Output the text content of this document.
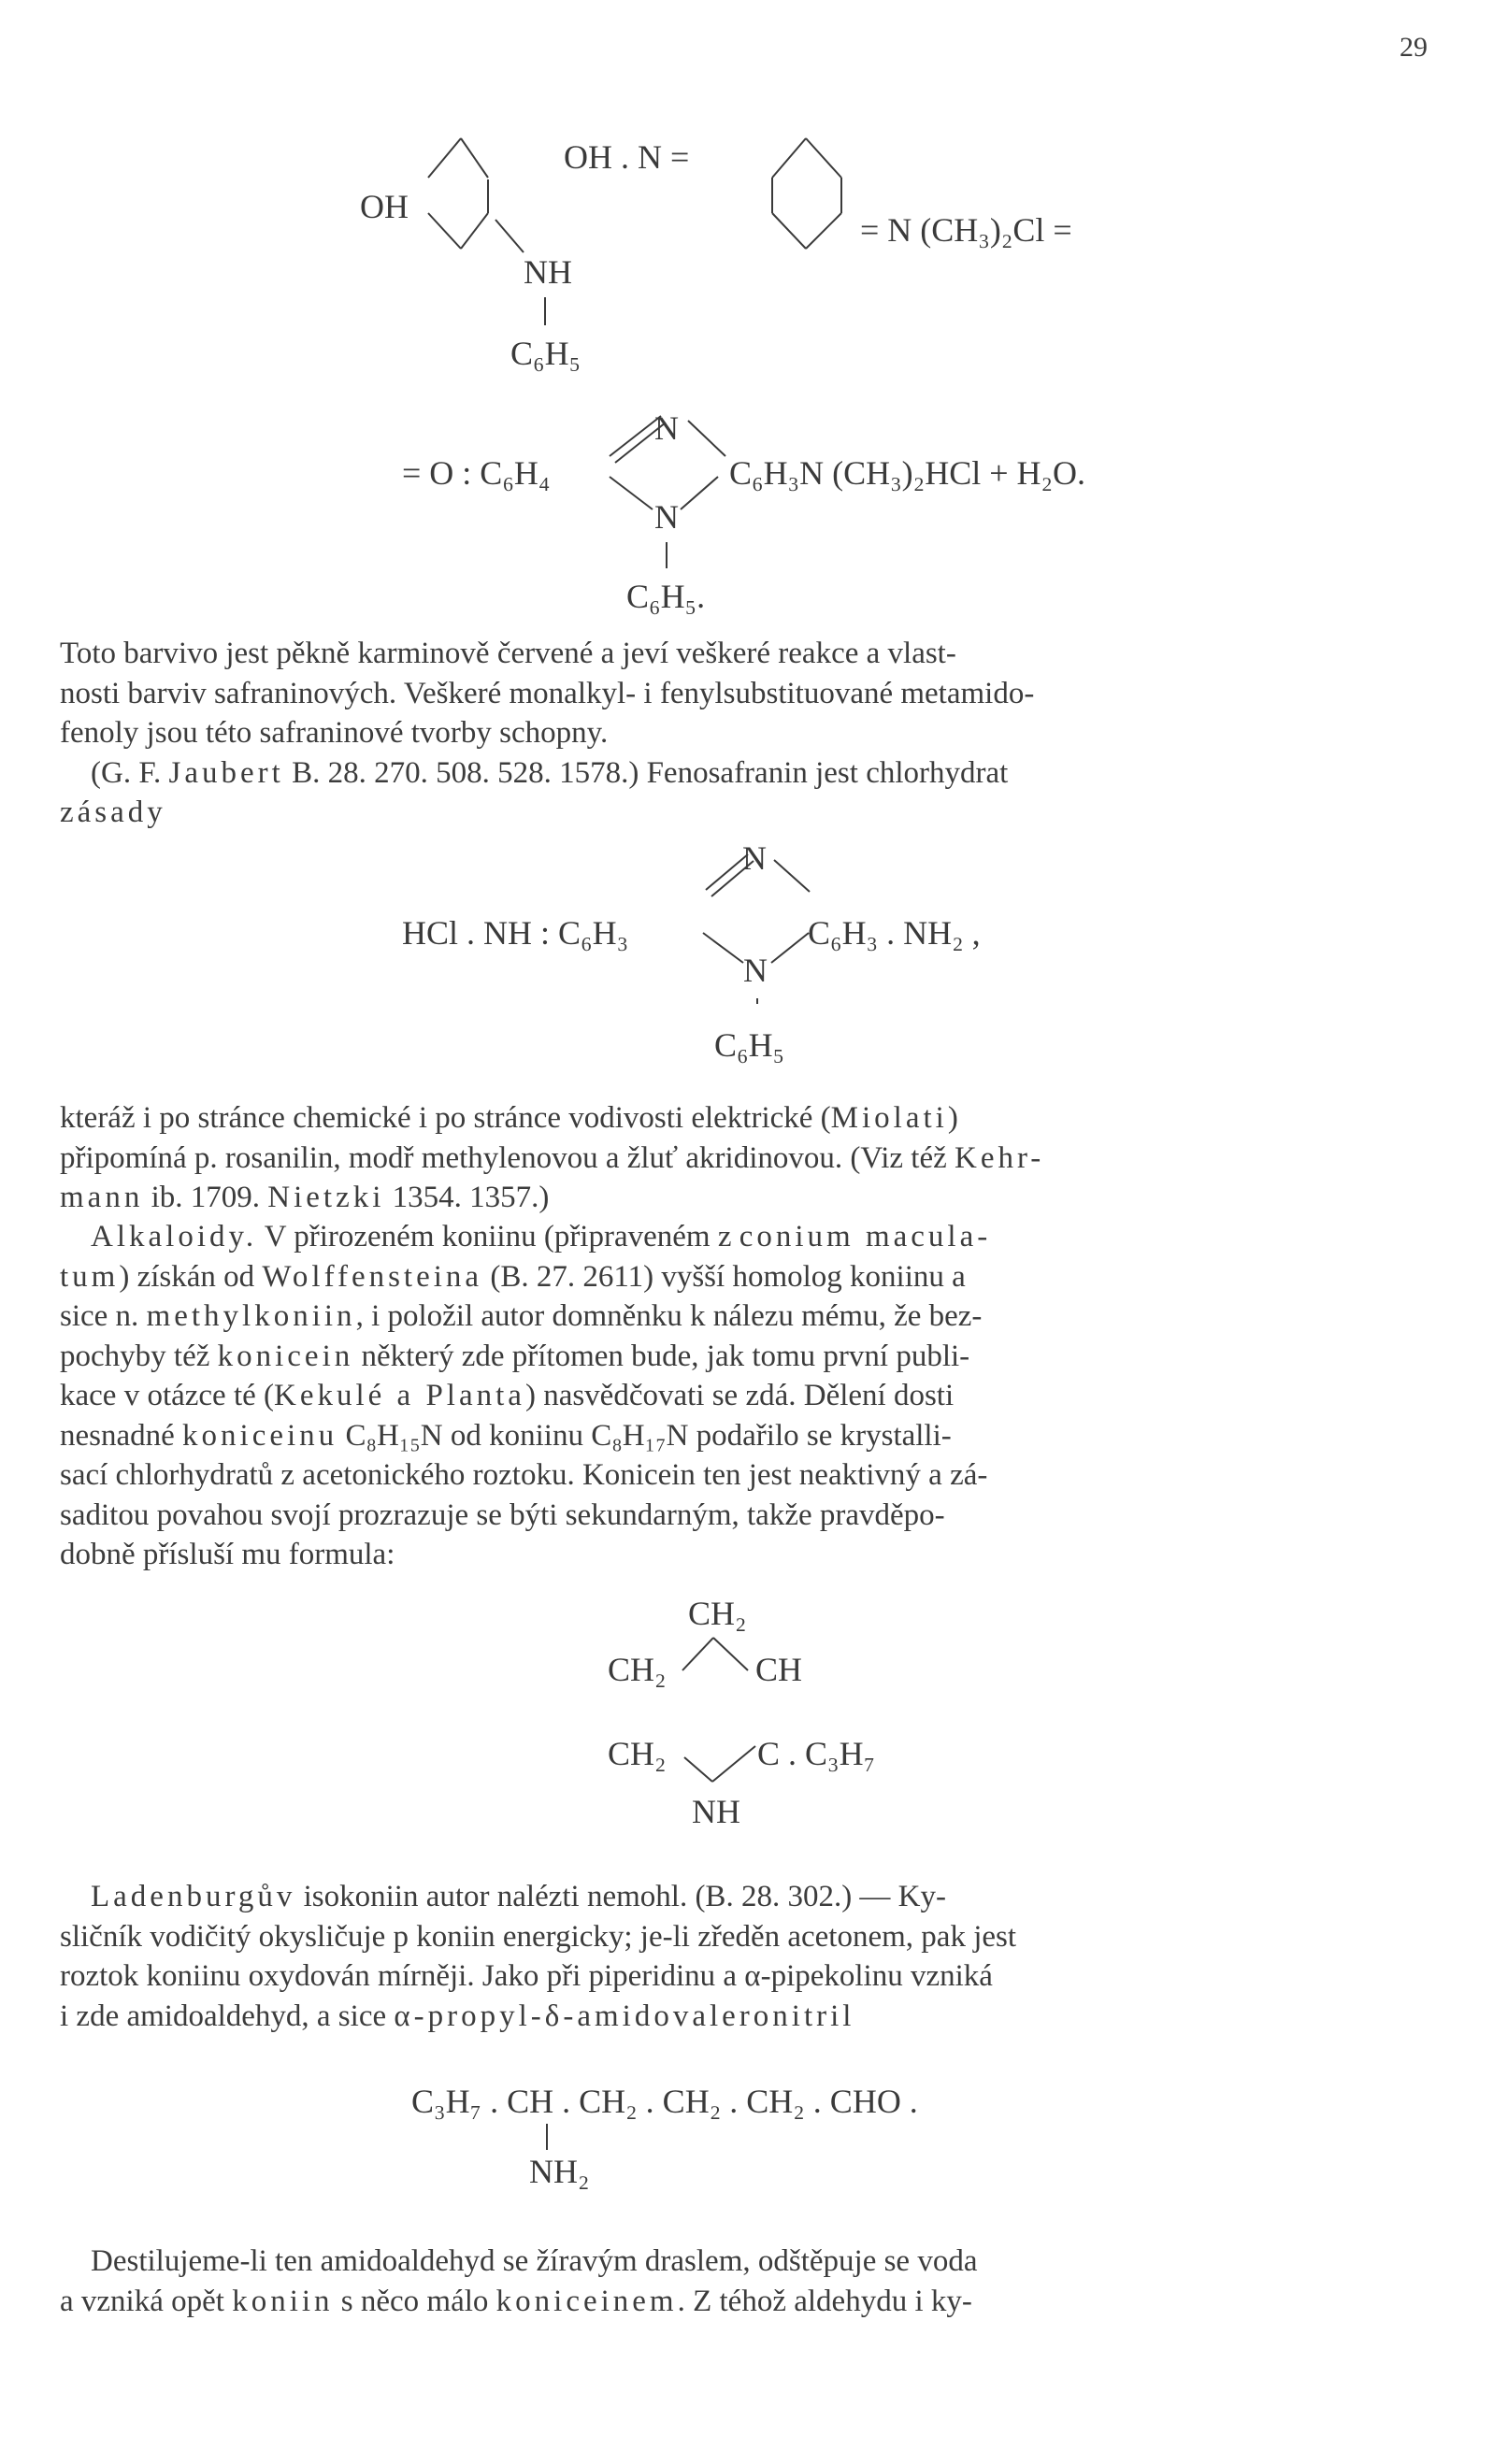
29
OH
OH . N =
NH
C₆H₅
= N (CH₃)₂Cl =
= O : C₆H₄
N
N
C₆H₃N (CH₃)₂HCl + H₂O.
C₆H₅.
Toto barvivo jest pěkně karminově červené a jeví veškeré reakce a vlast-
nosti barviv safraninových. Veškeré monalkyl- i fenylsubstituované metamido-
fenoly jsou této safraninové tvorby schopny.
 (G. F. Jaubert B. 28. 270. 508. 528. 1578.) Fenosafranin jest chlorhydrat
zásady
N
HCl . NH : C₆H₃	C₆H₃ . NH₂ ,
N
C₆H₅
kteráž i po stránce chemické i po stránce vodivosti elektrické (Miolati)
připomíná p. rosanilin, modř methylenovou a žluť akridinovou. (Viz též Kehr-
mann ib. 1709. Nietzki 1354. 1357.)
 Alkaloidy. V přirozeném koniinu (připraveném z conium macula-
tum) získán od Wolffensteina (B. 27. 2611) vyšší homolog koniinu a
sice n. methylkoniin, i položil autor domněnku k nálezu mému, že bez-
pochyby též konicein některý zde přítomen bude, jak tomu první publi-
kace v otázce té (Kekulé a Planta) nasvědčovati se zdá. Dělení dosti
nesnadné koniceinu C₈H₁₅N od koniinu C₈H₁₇N podařilo se krystalli-
sací chlorhydratů z acetonického roztoku. Konicein ten jest neaktivný a zá-
saditou povahou svojí prozrazuje se býti sekundarným, takže pravděpo-
dobně přísluší mu formula:
CH₂
CH₂	CH
CH₂	C . C₃H₇
NH
 Ladenburgův isokoniin autor nalézti nemohl. (B. 28. 302.) — Ky-
sličník vodičitý okysličuje p koniin energicky; je-li zředěn acetonem, pak jest
roztok koniinu oxydován mírněji. Jako při piperidinu a α-pipekolinu vzniká
i zde amidoaldehyd, a sice α-propyl-δ-amidovaleronitril
C₃H₇ . CH . CH₂ . CH₂ . CH₂ . CHO .
NH₂
 Destilujeme-li ten amidoaldehyd se žíravým draslem, odštěpuje se voda
a vzniká opět koniin s něco málo koniceinem. Z téhož aldehydu i ky-
